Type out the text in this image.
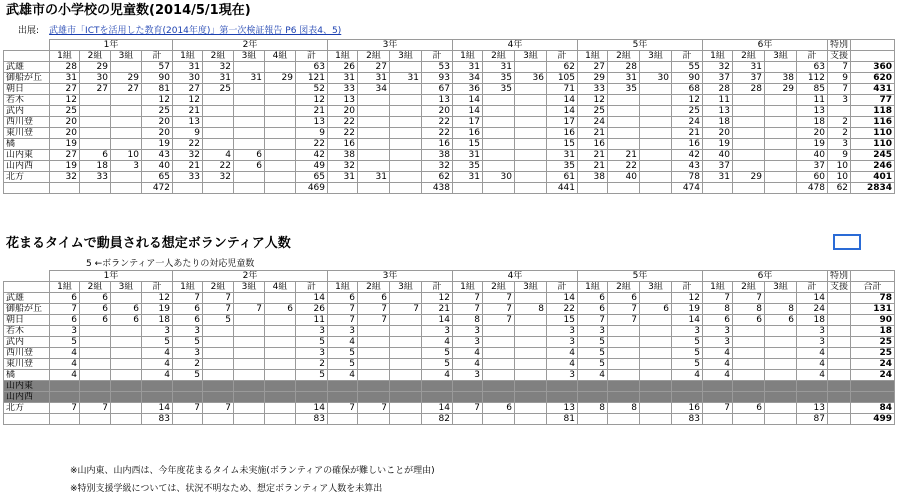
武雄市の小学校の児童数(2014/5/1現在)
出展: 武雄市「ICTを活用した教育(2014年度)」第一次検証報告 P6 図表4、5)
	1年				2年					3年				4年				5年				6年				特別	
	1組	2組	3組	計	1組	2組	3組	4組	計	1組	2組	3組	計	1組	2組	3組	計	1組	2組	3組	計	1組	2組	3組	計	支援	
武雄	28	29		57	31	32			63	26	27		53	31	31		62	27	28		55	32	31		63	7	360
御船が丘	31	30	29	90	30	31	31	29	121	31	31	31	93	34	35	36	105	29	31	30	90	37	37	38	112	9	620
朝日	27	27	27	81	27	25			52	33	34		67	36	35		71	33	35		68	28	28	29	85	7	431
若木	12			12	12				12	13			13	14			14	12			12	11			11	3	77
武内	25			25	21				21	20			20	14			14	25			25	13			13		118
西川登	20			20	13				13	22			22	17			17	24			24	18			18	2	116
東川登	20			20	9				9	22			22	16			16	21			21	20			20	2	110
橘	19			19	22				22	16			16	15			15	16			16	19			19	3	110
山内東	27	6	10	43	32	4	6		42	38			38	31			31	21	21		42	40			40	9	245
山内西	19	18	3	40	21	22	6		49	32			32	35			35	21	22		43	37			37	10	246
北方	32	33		65	33	32			65	31	31		62	31	30		61	38	40		78	31	29		60	10	401
				472					469				438				441				474				478	62	2834
花まるタイムで動員される想定ボランティア人数
5 ←ボランティア一人あたりの対応児童数
	1年				2年					3年				4年				5年				6年				特別	
	1組	2組	3組	計	1組	2組	3組	4組	計	1組	2組	3組	計	1組	2組	3組	計	1組	2組	3組	計	1組	2組	3組	計	支援	合計
武雄	6	6		12	7	7			14	6	6		12	7	7		14	6	6		12	7	7		14		78
御船が丘	7	6	6	19	6	7	7	6	26	7	7	7	21	7	7	8	22	6	7	6	19	8	8	8	24		131
朝日	6	6	6	18	6	5			11	7	7		14	8	7		15	7	7		14	6	6	6	18		90
若木	3			3	3				3	3			3	3			3	3			3	3			3		18
武内	5			5	5				5	4			4	3			3	5			5	3			3		25
西川登	4			4	3				3	5			5	4			4	5			5	4			4		25
東川登	4			4	2				2	5			5	4			4	5			5	4			4		24
橘	4			4	5				5	4			4	3			3	4			4	4			4		24
山内東																											
山内西																											
北方	7	7		14	7	7			14	7	7		14	7	6		13	8	8		16	7	6		13		84
				83					83				82				81				83				87		499
※山内東、山内西は、今年度花まるタイム未実施(ボランティアの確保が難しいことが理由)
※特別支援学級については、状況不明なため、想定ボランティア人数を未算出
